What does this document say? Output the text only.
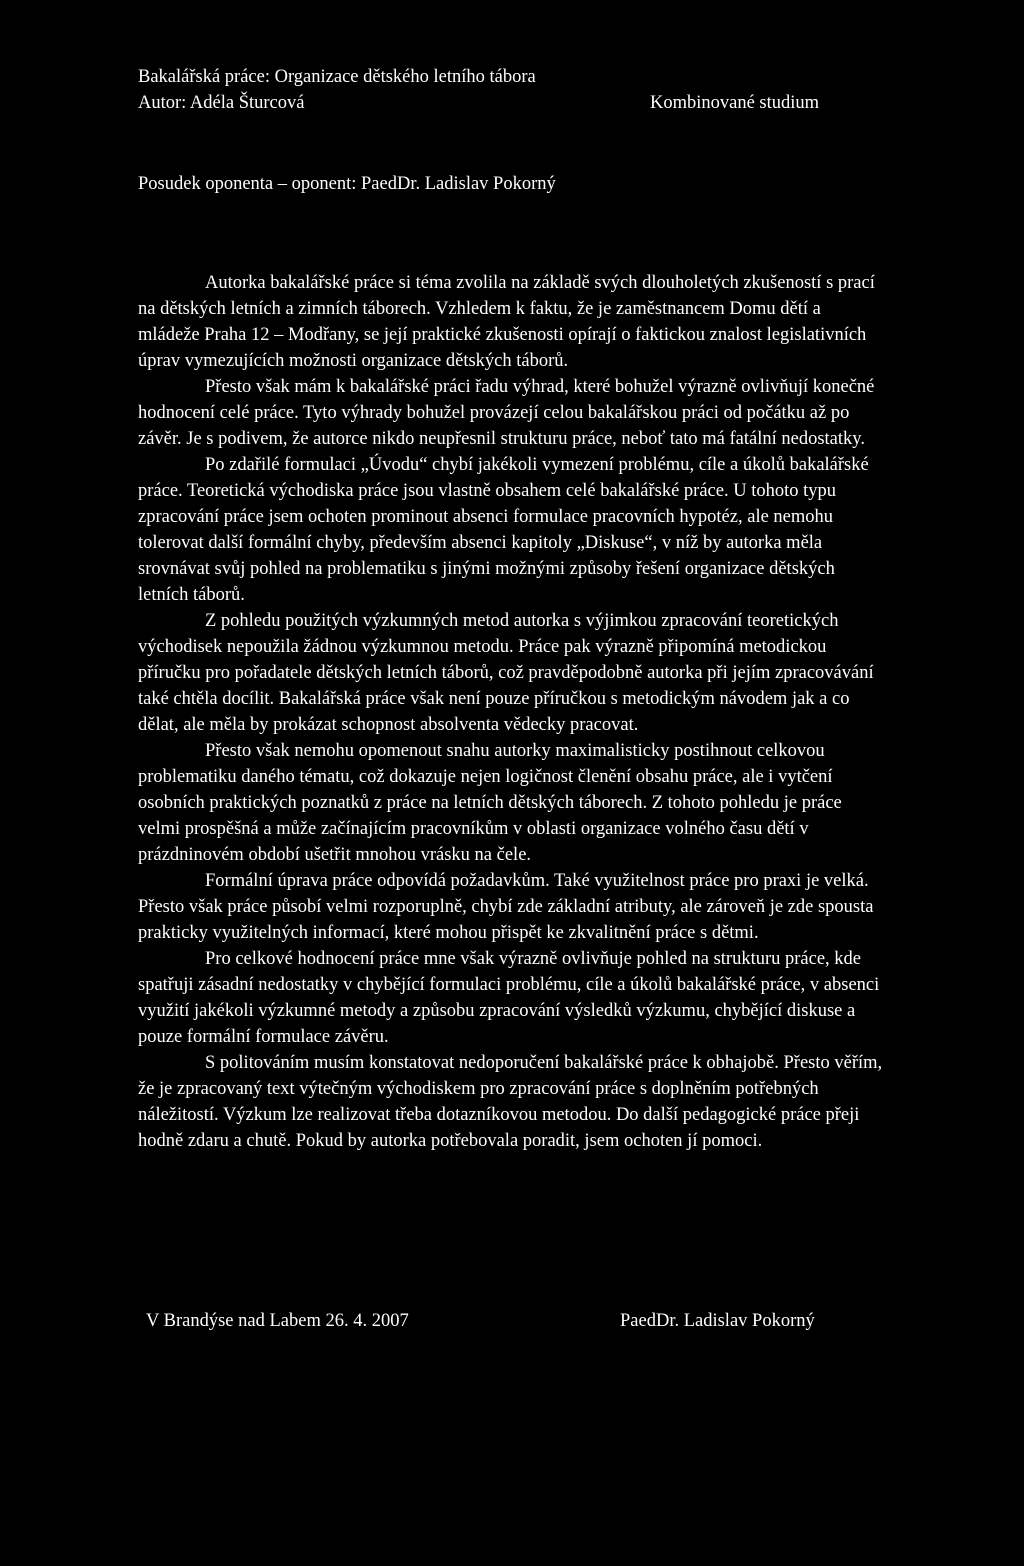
Bakalářská práce: Organizace dětského letního tábora
Autor: Adéla Šturcová	Kombinované studium
Posudek oponenta – oponent: PaedDr. Ladislav Pokorný
Autorka bakalářské práce si téma zvolila na základě svých dlouholetých zkušeností s prací
na dětských letních a zimních táborech. Vzhledem k faktu, že je zaměstnancem Domu dětí a
mládeže Praha 12 – Modřany, se její praktické zkušenosti opírají o faktickou znalost legislativních
úprav vymezujících možnosti organizace dětských táborů.
Přesto však mám k bakalářské práci řadu výhrad, které bohužel výrazně ovlivňují konečné
hodnocení celé práce. Tyto výhrady bohužel provázejí celou bakalářskou práci od počátku až po
závěr. Je s podivem, že autorce nikdo neupřesnil strukturu práce, neboť tato má fatální nedostatky.
Po zdařilé formulaci „Úvodu“ chybí jakékoli vymezení problému, cíle a úkolů bakalářské
práce. Teoretická východiska práce jsou vlastně obsahem celé bakalářské práce. U tohoto typu
zpracování práce jsem ochoten prominout absenci formulace pracovních hypotéz, ale nemohu
tolerovat další formální chyby, především absenci kapitoly „Diskuse“, v níž by autorka měla
srovnávat svůj pohled na problematiku s jinými možnými způsoby řešení organizace dětských
letních táborů.
Z pohledu použitých výzkumných metod autorka s výjimkou zpracování teoretických
východisek nepoužila žádnou výzkumnou metodu. Práce pak výrazně připomíná metodickou
příručku pro pořadatele dětských letních táborů, což pravděpodobně autorka při jejím zpracovávání
také chtěla docílit. Bakalářská práce však není pouze příručkou s metodickým návodem jak a co
dělat, ale měla by prokázat schopnost absolventa vědecky pracovat.
Přesto však nemohu opomenout snahu autorky maximalisticky postihnout celkovou
problematiku daného tématu, což dokazuje nejen logičnost členění obsahu práce, ale i vytčení
osobních praktických poznatků z práce na letních dětských táborech. Z tohoto pohledu je práce
velmi prospěšná a může začínajícím pracovníkům v oblasti organizace volného času dětí v
prázdninovém období ušetřit mnohou vrásku na čele.
Formální úprava práce odpovídá požadavkům. Také využitelnost práce pro praxi je velká.
Přesto však práce působí velmi rozporuplně, chybí zde základní atributy, ale zároveň je zde spousta
prakticky využitelných informací, které mohou přispět ke zkvalitnění práce s dětmi.
Pro celkové hodnocení práce mne však výrazně ovlivňuje pohled na strukturu práce, kde
spatřuji zásadní nedostatky v chybějící formulaci problému, cíle a úkolů bakalářské práce, v absenci
využití jakékoli výzkumné metody a způsobu zpracování výsledků výzkumu, chybějící diskuse a
pouze formální formulace závěru.
S politováním musím konstatovat nedoporučení bakalářské práce k obhajobě. Přesto věřím,
že je zpracovaný text výtečným východiskem pro zpracování práce s doplněním potřebných
náležitostí. Výzkum lze realizovat třeba dotazníkovou metodou. Do další pedagogické práce přeji
hodně zdaru a chutě. Pokud by autorka potřebovala poradit, jsem ochoten jí pomoci.
V Brandýse nad Labem 26. 4. 2007	PaedDr. Ladislav Pokorný
